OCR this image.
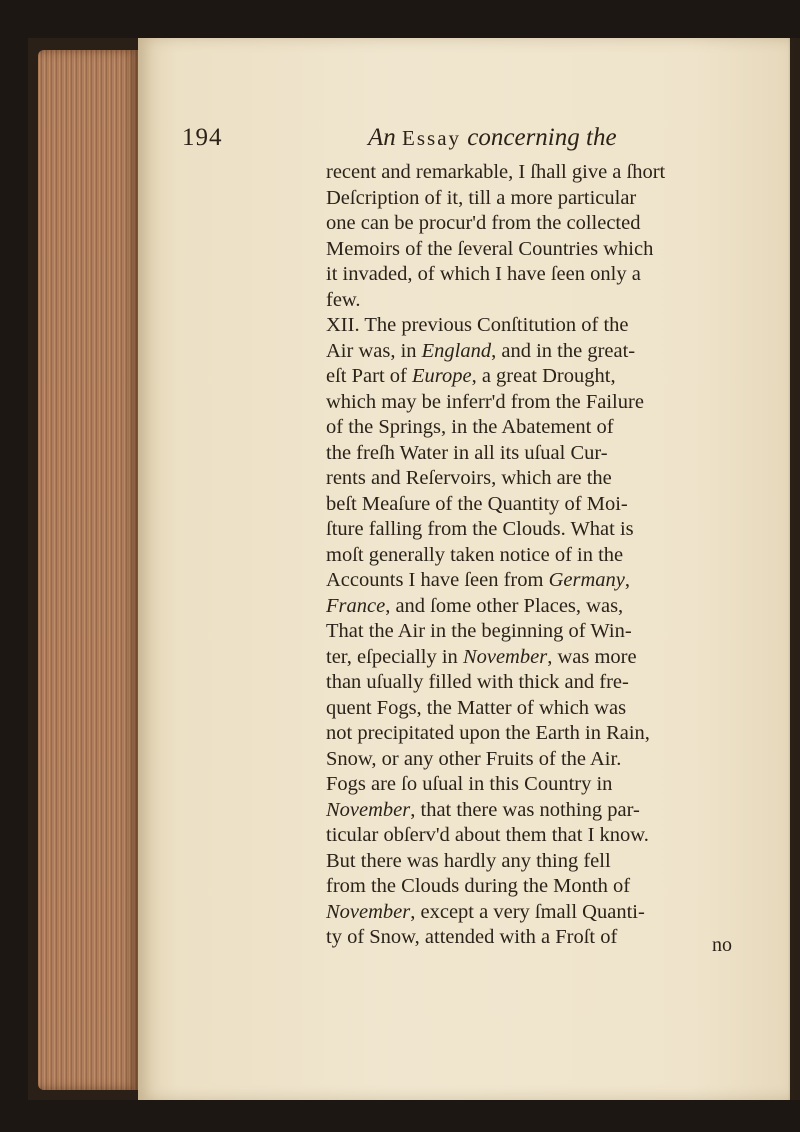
194	An Essay concerning the
recent and remarkable, I ſhall give a ſhort
Deſcription of it, till a more particular
one can be procur'd from the collected
Memoirs of the ſeveral Countries which
it invaded, of which I have ſeen only a
few.
XII. The previous Conſtitution of the
Air was, in England, and in the great-
eſt Part of Europe, a great Drought,
which may be inferr'd from the Failure
of the Springs, in the Abatement of
the freſh Water in all its uſual Cur-
rents and Reſervoirs, which are the
beſt Meaſure of the Quantity of Moi-
ſture falling from the Clouds. What is
moſt generally taken notice of in the
Accounts I have ſeen from Germany,
France, and ſome other Places, was,
That the Air in the beginning of Win-
ter, eſpecially in November, was more
than uſually filled with thick and fre-
quent Fogs, the Matter of which was
not precipitated upon the Earth in Rain,
Snow, or any other Fruits of the Air.
Fogs are ſo uſual in this Country in
November, that there was nothing par-
ticular obſerv'd about them that I know.
But there was hardly any thing fell
from the Clouds during the Month of
November, except a very ſmall Quanti-
ty of Snow, attended with a Froſt of	no
